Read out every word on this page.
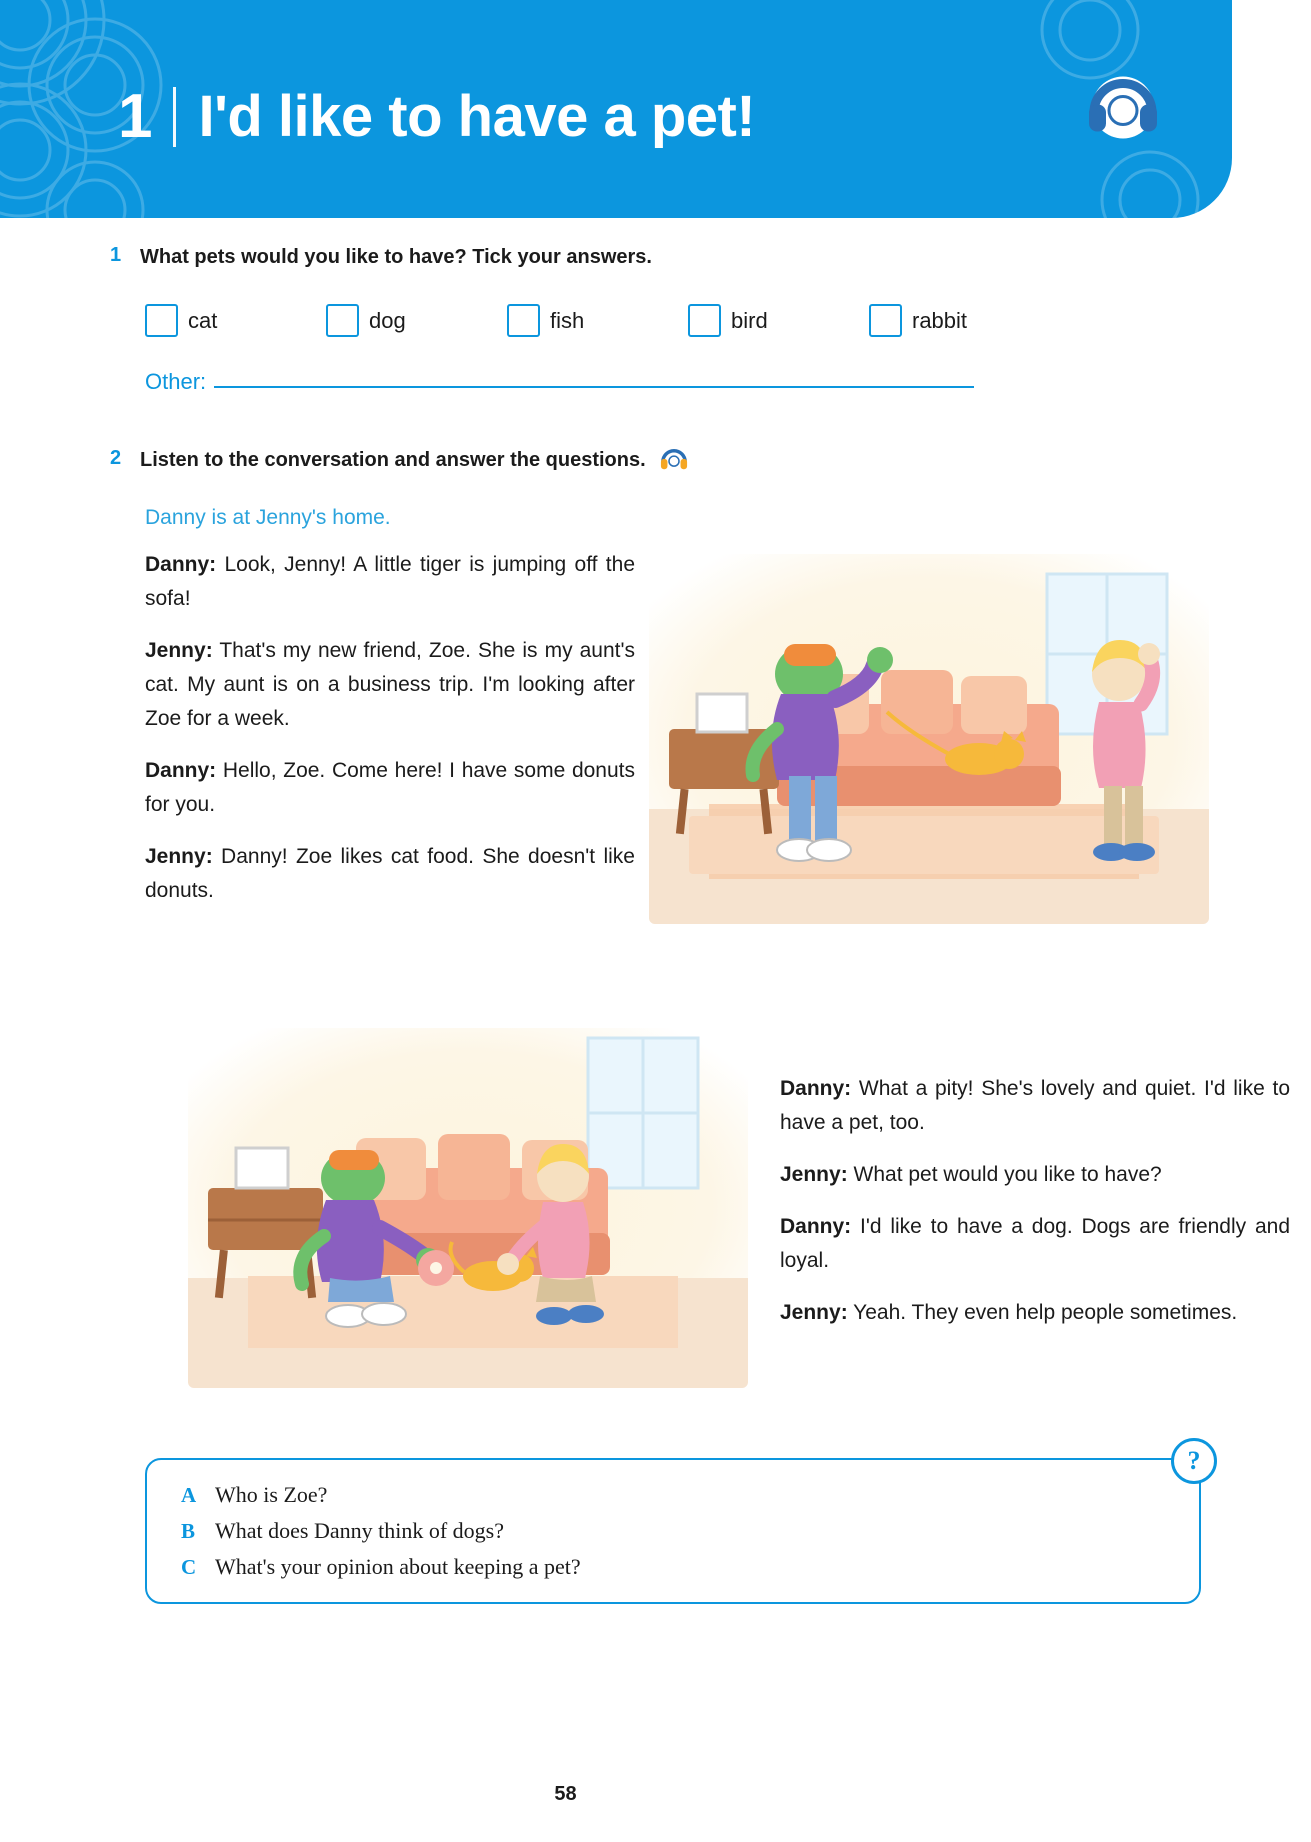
1 I'd like to have a pet!
1 What pets would you like to have? Tick your answers.
cat	dog	fish	bird	rabbit
Other:
2 Listen to the conversation and answer the questions.
Danny is at Jenny's home.

Danny: Look, Jenny! A little tiger is jumping off the sofa!

Jenny: That's my new friend, Zoe. She is my aunt's cat. My aunt is on a business trip. I'm looking after Zoe for a week.

Danny: Hello, Zoe. Come here! I have some donuts for you.

Jenny: Danny! Zoe likes cat food. She doesn't like donuts.

Danny: What a pity! She's lovely and quiet. I'd like to have a pet, too.

Jenny: What pet would you like to have?

Danny: I'd like to have a dog. Dogs are friendly and loyal.

Jenny: Yeah. They even help people sometimes.

?
A Who is Zoe?
B What does Danny think of dogs?
C What's your opinion about keeping a pet?
58
